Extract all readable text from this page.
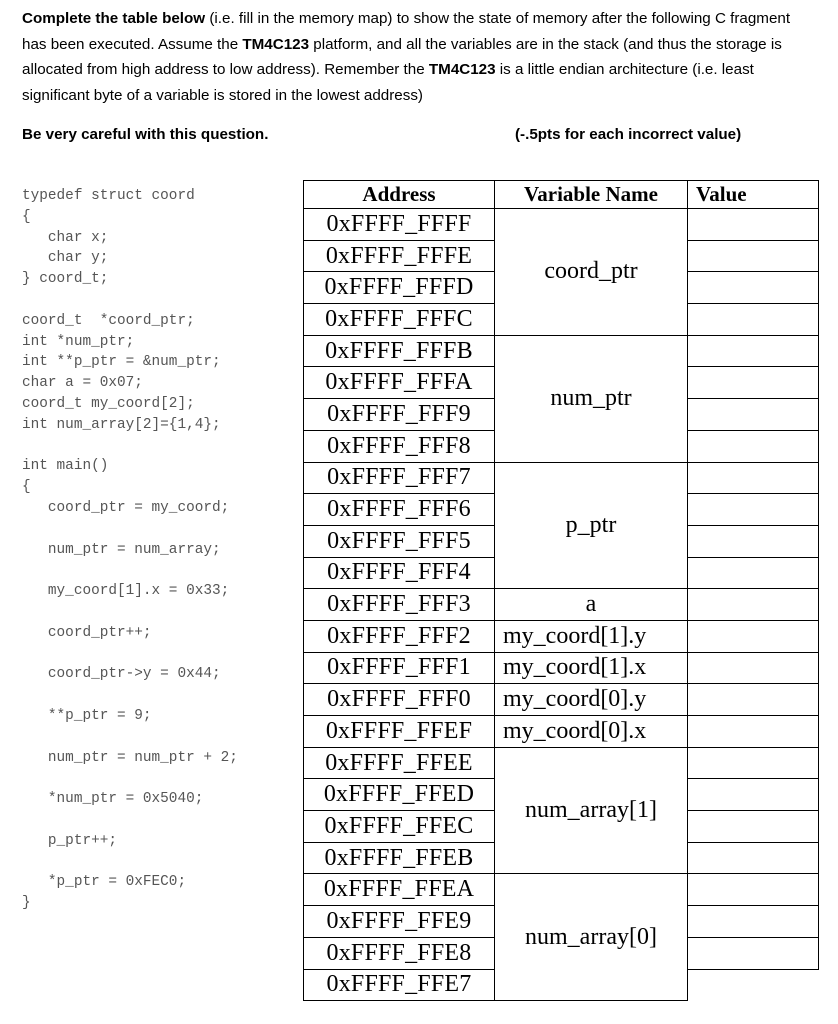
Complete the table below (i.e. fill in the memory map) to show the state of memory after the following C fragment has been executed. Assume the TM4C123 platform, and all the variables are in the stack (and thus the storage is allocated from high address to low address). Remember the TM4C123 is a little endian architecture (i.e. least significant byte of a variable is stored in the lowest address)

Be very careful with this question.	(-.5pts for each incorrect value)
typedef struct coord
{
char x;
char y;
} coord_t;
coord_t  *coord_ptr;
int *num_ptr;
int **p_ptr = &num_ptr;
char a = 0x07;
coord_t my_coord[2];
int num_array[2]={1,4};
int main()
{
coord_ptr = my_coord;
num_ptr = num_array;
my_coord[1].x = 0x33;
coord_ptr++;
coord_ptr->y = 0x44;
**p_ptr = 9;
num_ptr = num_ptr + 2;
*num_ptr = 0x5040;
p_ptr++;
*p_ptr = 0xFEC0;
}
Address	Variable Name	Value
0xFFFF_FFFF	coord_ptr	
0xFFFF_FFFE	
0xFFFF_FFFD	
0xFFFF_FFFC	
0xFFFF_FFFB	num_ptr	
0xFFFF_FFFA	
0xFFFF_FFF9	
0xFFFF_FFF8	
0xFFFF_FFF7	p_ptr	
0xFFFF_FFF6	
0xFFFF_FFF5	
0xFFFF_FFF4	
0xFFFF_FFF3	a	
0xFFFF_FFF2	my_coord[1].y	
0xFFFF_FFF1	my_coord[1].x	
0xFFFF_FFF0	my_coord[0].y	
0xFFFF_FFEF	my_coord[0].x	
0xFFFF_FFEE	num_array[1]	
0xFFFF_FFED	
0xFFFF_FFEC	
0xFFFF_FFEB	
0xFFFF_FFEA	num_array[0]	
0xFFFF_FFE9	
0xFFFF_FFE8	
0xFFFF_FFE7		
